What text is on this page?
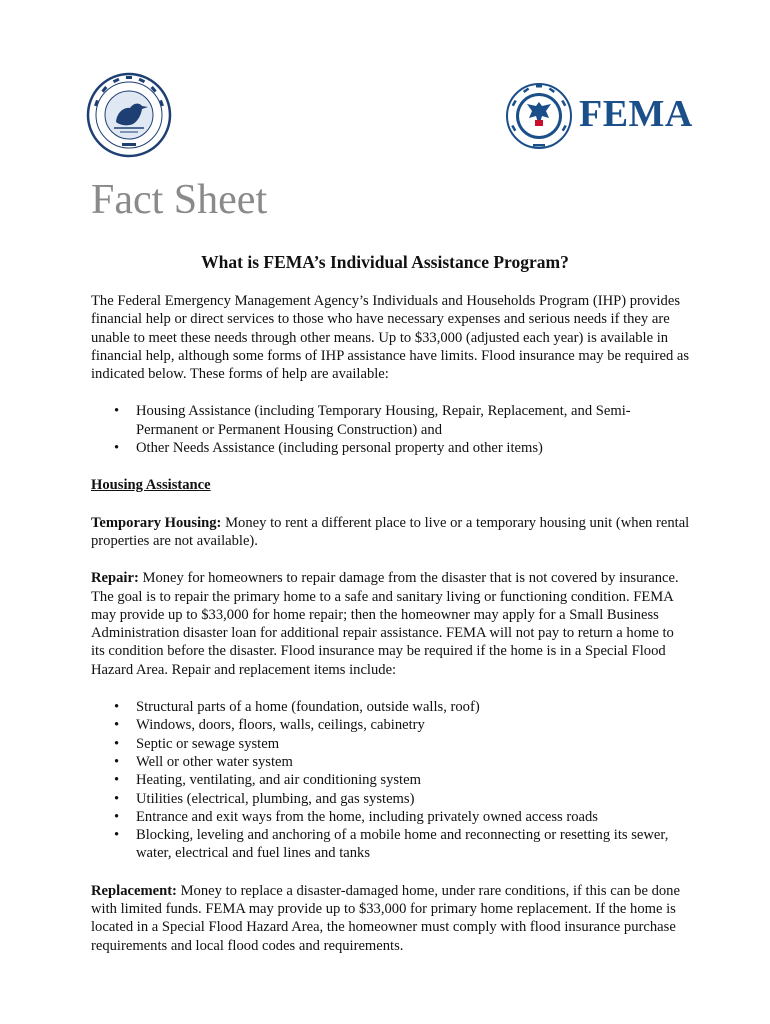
FEMA
Fact Sheet
What is FEMA’s Individual Assistance Program?

The Federal Emergency Management Agency’s Individuals and Households Program (IHP) provides financial help or direct services to those who have necessary expenses and serious needs if they are unable to meet these needs through other means. Up to $33,000 (adjusted each year) is available in financial help, although some forms of IHP assistance have limits. Flood insurance may be required as indicated below. These forms of help are available:

• Housing Assistance (including Temporary Housing, Repair, Replacement, and Semi-Permanent or Permanent Housing Construction) and
• Other Needs Assistance (including personal property and other items)

Housing Assistance

Temporary Housing: Money to rent a different place to live or a temporary housing unit (when rental properties are not available).

Repair: Money for homeowners to repair damage from the disaster that is not covered by insurance. The goal is to repair the primary home to a safe and sanitary living or functioning condition. FEMA may provide up to $33,000 for home repair; then the homeowner may apply for a Small Business Administration disaster loan for additional repair assistance. FEMA will not pay to return a home to its condition before the disaster. Flood insurance may be required if the home is in a Special Flood Hazard Area. Repair and replacement items include:

• Structural parts of a home (foundation, outside walls, roof)
• Windows, doors, floors, walls, ceilings, cabinetry
• Septic or sewage system
• Well or other water system
• Heating, ventilating, and air conditioning system
• Utilities (electrical, plumbing, and gas systems)
• Entrance and exit ways from the home, including privately owned access roads
• Blocking, leveling and anchoring of a mobile home and reconnecting or resetting its sewer, water, electrical and fuel lines and tanks

Replacement: Money to replace a disaster-damaged home, under rare conditions, if this can be done with limited funds. FEMA may provide up to $33,000 for primary home replacement. If the home is located in a Special Flood Hazard Area, the homeowner must comply with flood insurance purchase requirements and local flood codes and requirements.
